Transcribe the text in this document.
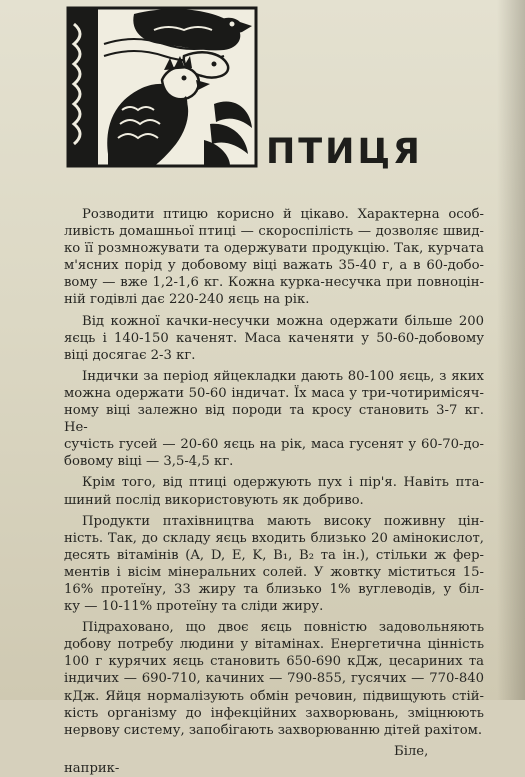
ПТИЦЯ

Розводити птицю корисно й цікаво. Характерна особ-

ливість домашньої птиці — скороспілість — дозволяє швид-

ко її розмножувати та одержувати продукцію. Так, курчата

м'ясних порід у добовому віці важать 35-40 г, а в 60-добо-

вому — вже 1,2-1,6 кг. Кожна курка-несучка при повноцін-

ній годівлі дає 220-240 яєць на рік.

Від кожної качки-несучки можна одержати більше 200

яєць і 140-150 каченят. Маса каченяти у 50-60-добовому

віці досягає 2-3 кг.

Індички за період яйцекладки дають 80-100 яєць, з яких

можна одержати 50-60 індичат. Їх маса у три-чотиримісяч-

ному віці залежно від породи та кросу становить 3-7 кг. Не-

сучість гусей — 20-60 яєць на рік, маса гусенят у 60-70-до-

бовому віці — 3,5-4,5 кг.

Крім того, від птиці одержують пух і пір'я. Навіть пта-

шиний послід використовують як добриво.

Продукти птахівництва мають високу поживну цін-

ність. Так, до складу яєць входить близько 20 амінокислот,

десять вітамінів (A, D, E, K, B₁, B₂ та ін.), стільки ж фер-

ментів і вісім мінеральних солей. У жовтку міститься 15-

16% протеїну, 33 жиру та близько 1% вуглеводів, у біл-

ку — 10-11% протеїну та сліди жиру.

Підраховано, що двоє яєць повністю задовольняють

добову потребу людини у вітамінах. Енергетична цінність

100 г курячих яєць становить 650-690 кДж, цесариних та

індичих — 690-710, качиних — 790-855, гусячих — 770-840

кДж. Яйця нормалізують обмін речовин, підвищують стій-

кість організму до інфекційних захворювань, зміцнюють

нервову систему, запобігають захворюванню дітей рахітом.

Біле, наприк-
